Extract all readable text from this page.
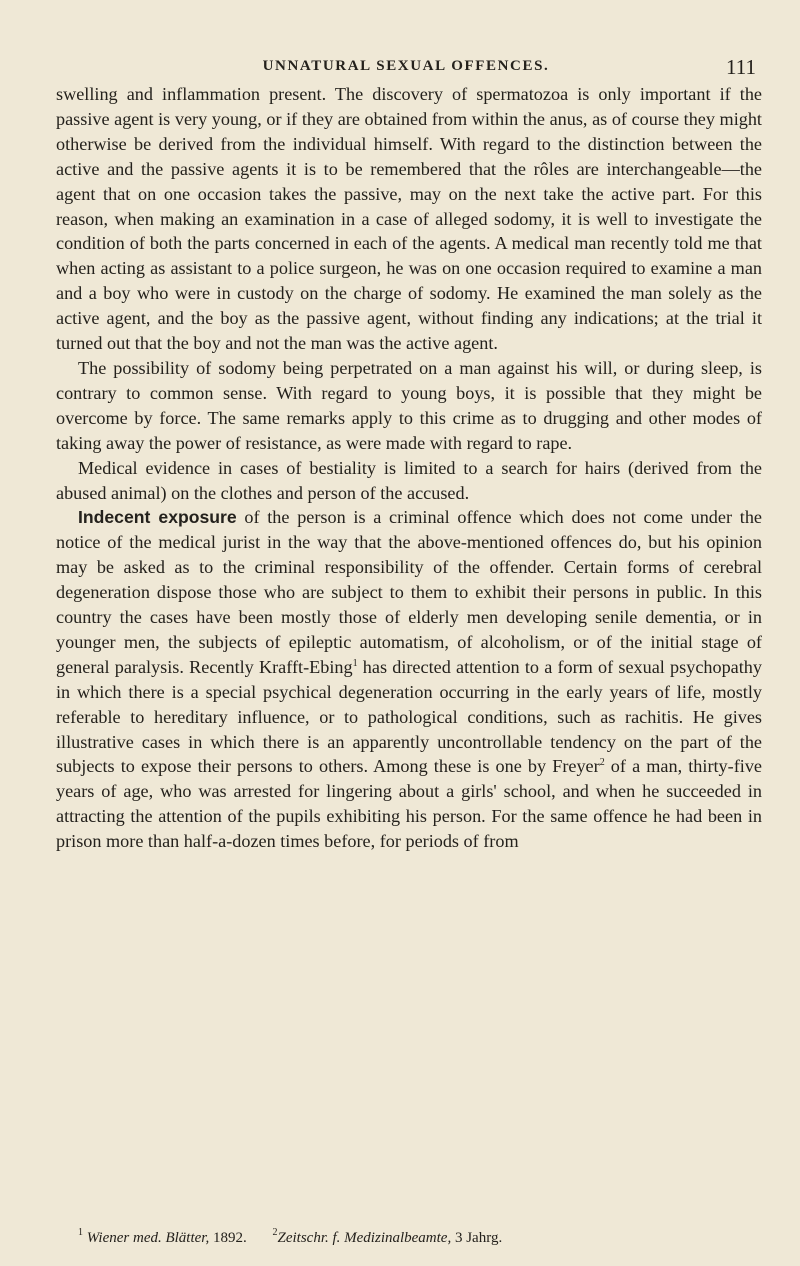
UNNATURAL SEXUAL OFFENCES.	111

swelling and inflammation present. The discovery of spermatozoa is only important if the passive agent is very young, or if they are obtained from within the anus, as of course they might otherwise be derived from the individual himself. With regard to the distinction between the active and the passive agents it is to be remembered that the rôles are interchangeable—the agent that on one occasion takes the passive, may on the next take the active part. For this reason, when making an examination in a case of alleged sodomy, it is well to investigate the condition of both the parts concerned in each of the agents. A medical man recently told me that when acting as assistant to a police surgeon, he was on one occasion required to examine a man and a boy who were in custody on the charge of sodomy. He examined the man solely as the active agent, and the boy as the passive agent, without finding any indications; at the trial it turned out that the boy and not the man was the active agent.

The possibility of sodomy being perpetrated on a man against his will, or during sleep, is contrary to common sense. With regard to young boys, it is possible that they might be overcome by force. The same remarks apply to this crime as to drugging and other modes of taking away the power of resistance, as were made with regard to rape.

Medical evidence in cases of bestiality is limited to a search for hairs (derived from the abused animal) on the clothes and person of the accused.

Indecent exposure of the person is a criminal offence which does not come under the notice of the medical jurist in the way that the above-mentioned offences do, but his opinion may be asked as to the criminal responsibility of the offender. Certain forms of cerebral degeneration dispose those who are subject to them to exhibit their persons in public. In this country the cases have been mostly those of elderly men developing senile dementia, or in younger men, the subjects of epileptic automatism, of alcoholism, or of the initial stage of general paralysis. Recently Krafft-Ebing$^1$ has directed attention to a form of sexual psychopathy in which there is a special psychical degeneration occurring in the early years of life, mostly referable to hereditary influence, or to pathological conditions, such as rachitis. He gives illustrative cases in which there is an apparently uncontrollable tendency on the part of the subjects to expose their persons to others. Among these is one by Freyer$^2$ of a man, thirty-five years of age, who was arrested for lingering about a girls' school, and when he succeeded in attracting the attention of the pupils exhibiting his person. For the same offence he had been in prison more than half-a-dozen times before, for periods of from

$^1$ Wiener med. Blätter, 1892.	$^2$Zeitschr. f. Medizinalbeamte, 3 Jahrg.
